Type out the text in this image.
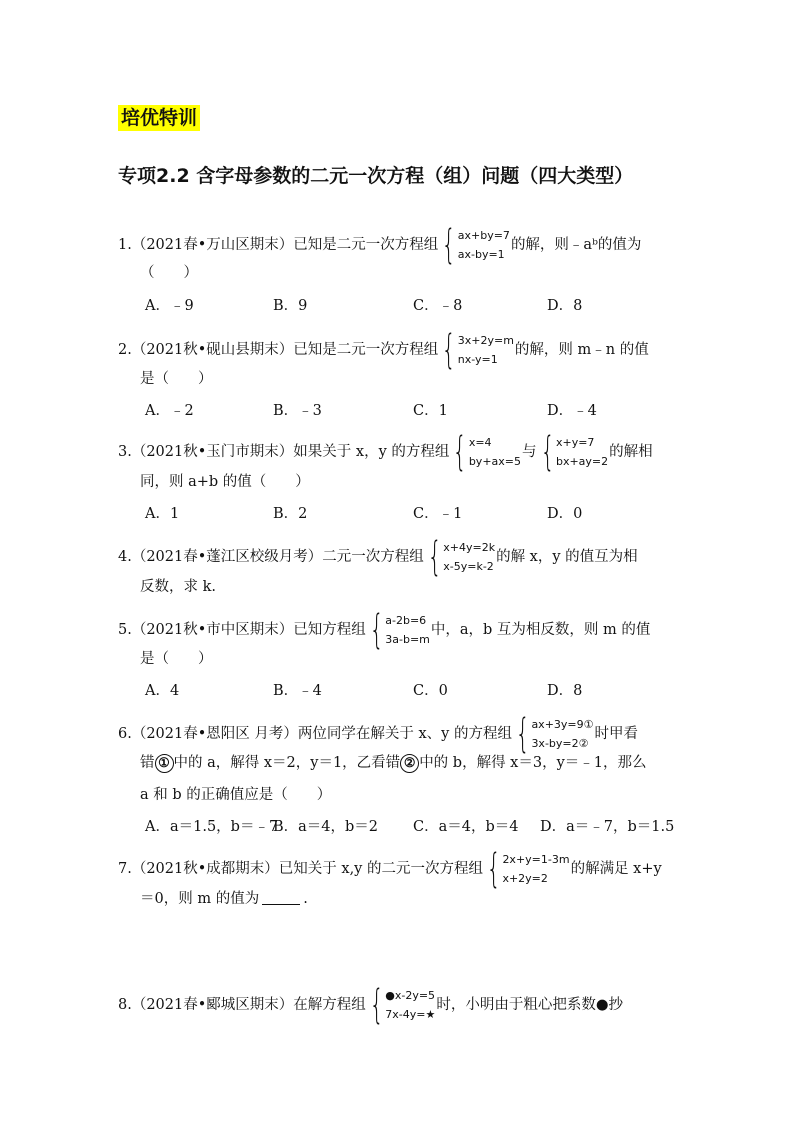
培优特训
专项2.2 含字母参数的二元一次方程（组）问题（四大类型）
1.（2021春•万山区期末）已知是二元一次方程组 { ax+by=7
ax-by=1
的解，则﹣aᵇ的值为
（　　）
A．﹣9	B．9	C．﹣8	D．8
2.（2021秋•砚山县期末）已知是二元一次方程组 { 3x+2y=m
nx-y=1
的解，则 m﹣n 的值
是（　　）
A．﹣2	B．﹣3	C．1	D．﹣4
3.（2021秋•玉门市期末）如果关于 x，y 的方程组 { x=4
by+ax=5
与 { x+y=7
bx+ay=2
的解相
同，则 a+b 的值（　　）
A．1	B．2	C．﹣1	D．0
4.（2021春•蓬江区校级月考）二元一次方程组 { x+4y=2k
x-5y=k-2
的解 x，y 的值互为相
反数，求 k.
5.（2021秋•市中区期末）已知方程组 { a-2b=6
3a-b=m
中，a，b 互为相反数，则 m 的值
是（　　）
A．4	B．﹣4	C．0	D．8
6.（2021春•恩阳区 月考）两位同学在解关于 x、y 的方程组 { ax+3y=9①
3x-by=2②
时甲看
错 ① 中的 a，解得 x＝2，y＝1，乙看错 ② 中的 b，解得 x＝3，y＝﹣1，那么
a 和 b 的正确值应是（　　）
A．a＝1.5，b＝﹣7
B．a＝4，b＝2 C．a＝4，b＝4 D．a＝﹣7，b＝1.5
7.（2021秋•成都期末）已知关于 x,y 的二元一次方程组 { 2x+y=1-3m
x+2y=2
的解满足 x+y
＝0，则 m 的值为	.
8.（2021春•郾城区期末）在解方程组 { ●x-2y=5
7x-4y=★
时，小明由于粗心把系数●抄
